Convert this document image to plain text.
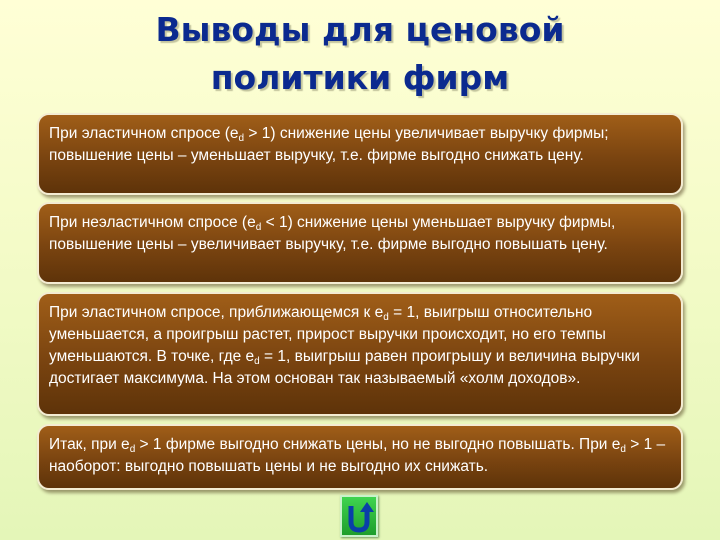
Выводы для ценовой
политики фирм

При эластичном спросе $(e_d > 1)$ снижение цены увеличивает выручку фирмы; повышение цены – уменьшает выручку, т.е. фирме выгодно снижать цену.

При неэластичном спросе $(e_d < 1)$ снижение цены уменьшает выручку фирмы, повышение цены – увеличивает выручку, т.е. фирме выгодно повышать цену.

При эластичном спросе, приближающемся к $e_d = 1$, выигрыш относительно уменьшается, а проигрыш растет, прирост выручки происходит, но его темпы уменьшаются. В точке, где $e_d = 1$, выигрыш равен проигрышу и величина выручки достигает максимума. На этом основан так называемый «холм доходов».

Итак, при $e_d > 1$ фирме выгодно снижать цены, но не выгодно повышать. При $e_d > 1$ – наоборот: выгодно повышать цены и не выгодно их снижать.
